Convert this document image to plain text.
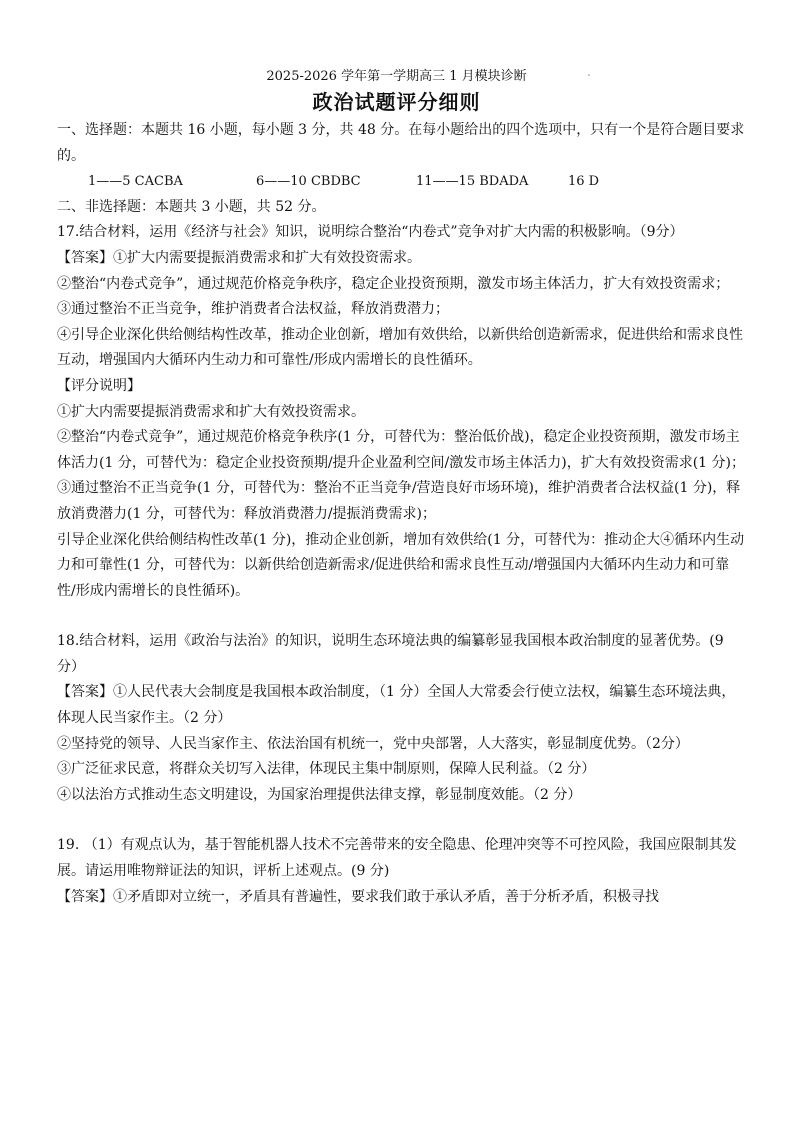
2025-2026 学年第一学期高三 1 月模块诊断
政治试题评分细则

一、选择题：本题共 16 小题，每小题 3 分，共 48 分。在每小题给出的四个选项中，只有一个是符合题目要求的。

1——5 CACBA	6——10 CBDBC	11——15 BDADA	16 D

二、非选择题：本题共 3 小题，共 52 分。

17.结合材料，运用《经济与社会》知识，说明综合整治“内卷式”竞争对扩大内需的积极影响。（9分）

【答案】①扩大内需要提振消费需求和扩大有效投资需求。

②整治“内卷式竞争”，通过规范价格竞争秩序，稳定企业投资预期，激发市场主体活力，扩大有效投资需求；

③通过整治不正当竞争，维护消费者合法权益，释放消费潜力；

④引导企业深化供给侧结构性改革，推动企业创新，增加有效供给，以新供给创造新需求，促进供给和需求良性互动，增强国内大循环内生动力和可靠性/形成内需增长的良性循环。

【评分说明】

①扩大内需要提振消费需求和扩大有效投资需求。

②整治“内卷式竞争”，通过规范价格竞争秩序(1 分，可替代为：整治低价战)，稳定企业投资预期，激发市场主体活力(1 分，可替代为：稳定企业投资预期/提升企业盈利空间/激发市场主体活力)，扩大有效投资需求(1 分)；

③通过整治不正当竞争(1 分，可替代为：整治不正当竞争/营造良好市场环境)，维护消费者合法权益(1 分)，释放消费潜力(1 分，可替代为：释放消费潜力/提振消费需求)；

引导企业深化供给侧结构性改革(1 分)，推动企业创新，增加有效供给(1 分，可替代为：推动企大④循环内生动力和可靠性(1 分，可替代为：以新供给创造新需求/促进供给和需求良性互动/增强国内大循环内生动力和可靠性/形成内需增长的良性循环)。

18.结合材料，运用《政治与法治》的知识，说明生态环境法典的编纂彰显我国根本政治制度的显著优势。(9 分）

【答案】①人民代表大会制度是我国根本政治制度，（1 分）全国人大常委会行使立法权，编纂生态环境法典，体现人民当家作主。（2 分）

②坚持党的领导、人民当家作主、依法治国有机统一，党中央部署，人大落实，彰显制度优势。（2分）

③广泛征求民意，将群众关切写入法律，体现民主集中制原则，保障人民利益。（2 分）

④以法治方式推动生态文明建设，为国家治理提供法律支撑，彰显制度效能。（2 分）

19. （1）有观点认为，基于智能机器人技术不完善带来的安全隐患、伦理冲突等不可控风险，我国应限制其发展。请运用唯物辩证法的知识，评析上述观点。(9 分)

【答案】①矛盾即对立统一，矛盾具有普遍性，要求我们敢于承认矛盾，善于分析矛盾，积极寻找
